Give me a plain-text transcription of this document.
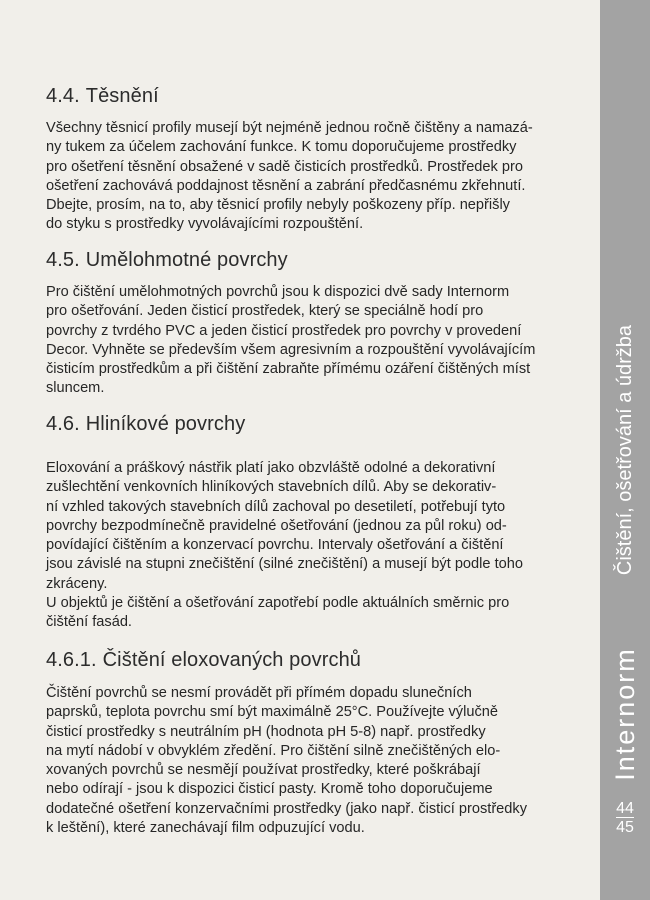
4.4. Těsnění

Všechny těsnicí profily musejí být nejméně jednou ročně čištěny a namazá-
ny tukem za účelem zachování funkce. K tomu doporučujeme prostředky
pro ošetření těsnění obsažené v sadě čisticích prostředků. Prostředek pro
ošetření zachovává poddajnost těsnění a zabrání předčasnému zkřehnutí.
Dbejte, prosím, na to, aby těsnicí profily nebyly poškozeny příp. nepřišly
do styku s prostředky vyvolávajícími rozpouštění.

4.5. Umělohmotné povrchy

Pro čištění umělohmotných povrchů jsou k dispozici dvě sady Internorm
pro ošetřování. Jeden čisticí prostředek, který se speciálně hodí pro
povrchy z tvrdého PVC a jeden čisticí prostředek pro povrchy v provedení
Decor. Vyhněte se především všem agresivním a rozpouštění vyvolávajícím
čisticím prostředkům a při čištění zabraňte přímému ozáření čištěných míst
sluncem.

4.6. Hliníkové povrchy

Eloxování a práškový nástřik platí jako obzvláště odolné a dekorativní
zušlechtění venkovních hliníkových stavebních dílů. Aby se dekorativ-
ní vzhled takových stavebních dílů zachoval po desetiletí, potřebují tyto
povrchy bezpodmínečně pravidelné ošetřování (jednou za půl roku) od-
povídající čištěním a konzervací povrchu. Intervaly ošetřování a čištění
jsou závislé na stupni znečištění (silné znečištění) a musejí být podle toho
zkráceny.
U objektů je čištění a ošetřování zapotřebí podle aktuálních směrnic pro
čištění fasád.

4.6.1. Čištění eloxovaných povrchů

Čištění povrchů se nesmí provádět při přímém dopadu slunečních
paprsků, teplota povrchu smí být maximálně 25°C. Používejte výlučně
čisticí prostředky s neutrálním pH (hodnota pH 5-8) např. prostředky
na mytí nádobí v obvyklém zředění. Pro čištění silně znečištěných elo-
xovaných povrchů se nesmějí používat prostředky, které poškrábají
nebo odírají - jsou k dispozici čisticí pasty. Kromě toho doporučujeme
dodatečné ošetření konzervačními prostředky (jako např. čisticí prostředky
k leštění), které zanechávají film odpuzující vodu.

Čištění, ošetřování a údržba
Internorm
44
45
